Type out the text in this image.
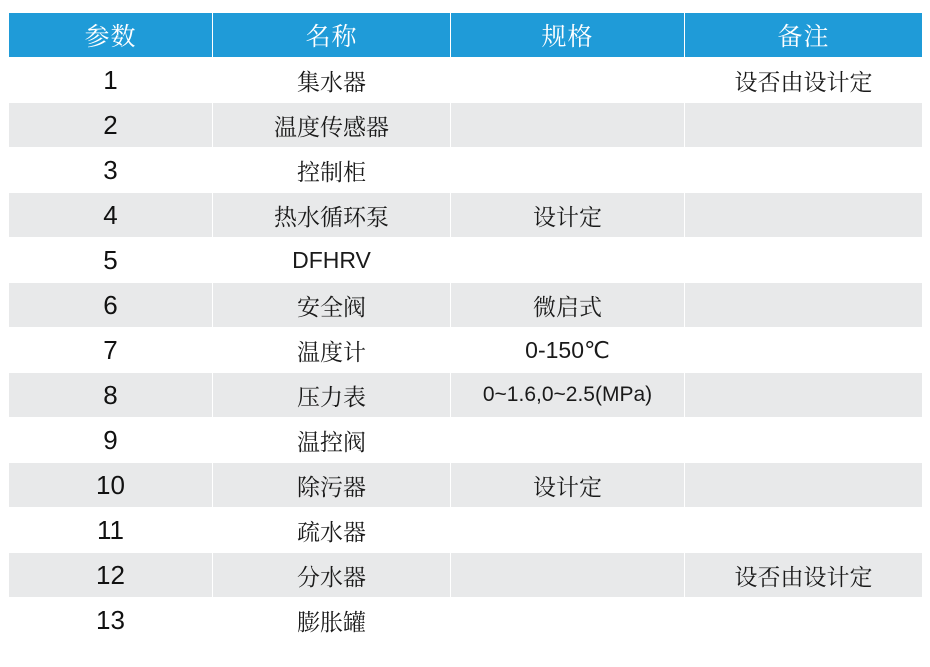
参数	名称	规格	备注
1	集水器		设否由设计定
2	温度传感器		
3	控制柜		
4	热水循环泵	设计定	
5	DFHRV		
6	安全阀	微启式	
7	温度计	0-150℃	
8	压力表	0~1.6,0~2.5(MPa)	
9	温控阀		
10	除污器	设计定	
11	疏水器		
12	分水器		设否由设计定
13	膨胀罐		
